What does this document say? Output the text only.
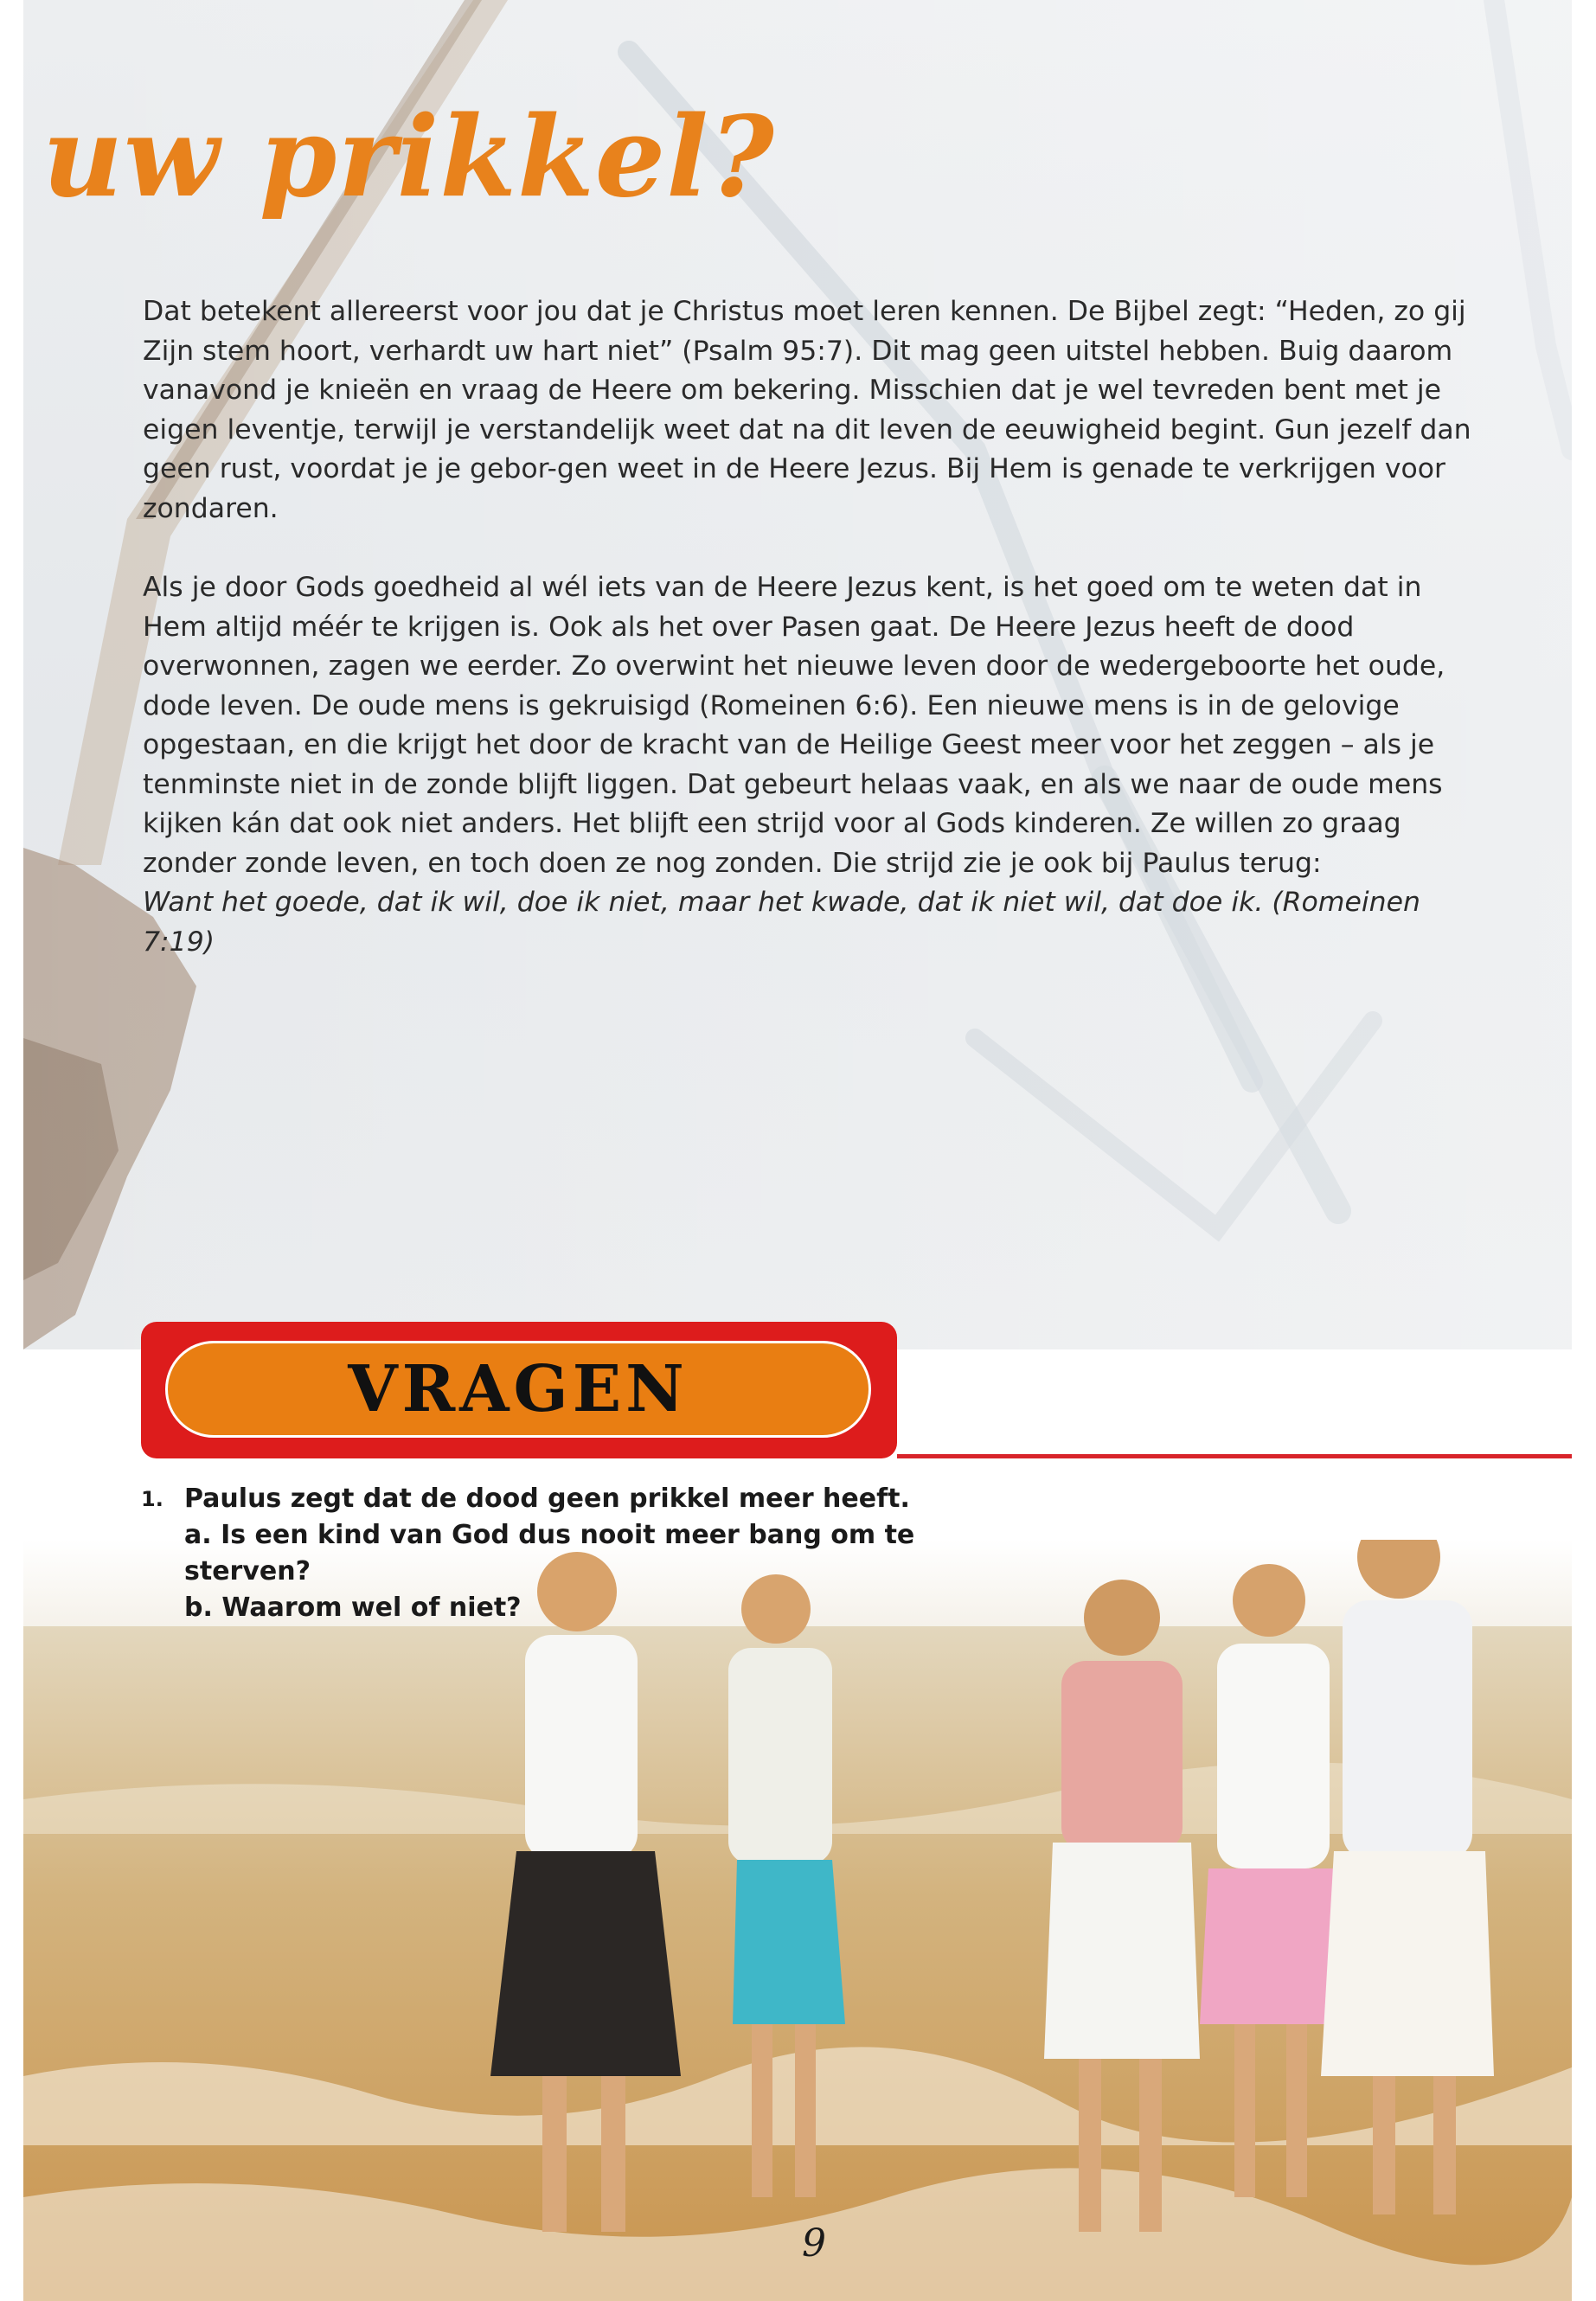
uw prikkel?

Dat betekent allereerst voor jou dat je Christus moet leren kennen. De Bijbel zegt: “Heden, zo gij Zijn stem hoort, verhardt uw hart niet” (Psalm 95:7). Dit mag geen uitstel hebben. Buig daarom vanavond je knieën en vraag de Heere om bekering. Misschien dat je wel tevreden bent met je eigen leventje, terwijl je verstandelijk weet dat na dit leven de eeuwigheid begint. Gun jezelf dan geen rust, voordat je je gebor-gen weet in de Heere Jezus. Bij Hem is genade te verkrijgen voor zondaren.

Als je door Gods goedheid al wél iets van de Heere Jezus kent, is het goed om te weten dat in Hem altijd méér te krijgen is. Ook als het over Pasen gaat. De Heere Jezus heeft de dood overwonnen, zagen we eerder. Zo overwint het nieuwe leven door de wedergeboorte het oude, dode leven. De oude mens is gekruisigd (Romeinen 6:6). Een nieuwe mens is in de gelovige opgestaan, en die krijgt het door de kracht van de Heilige Geest meer voor het zeggen – als je tenminste niet in de zonde blijft liggen. Dat gebeurt helaas vaak, en als we naar de oude mens kijken kán dat ook niet anders. Het blijft een strijd voor al Gods kinderen. Ze willen zo graag zonder zonde leven, en toch doen ze nog zonden. Die strijd zie je ook bij Paulus terug:

Want het goede, dat ik wil, doe ik niet, maar het kwade, dat ik niet wil, dat doe ik. (Romeinen 7:19)

1. Paulus zegt dat de dood geen prikkel meer heeft.
a. Is een kind van God dus nooit meer bang om te sterven?
b. Waarom wel of niet?
VRAGEN
9
